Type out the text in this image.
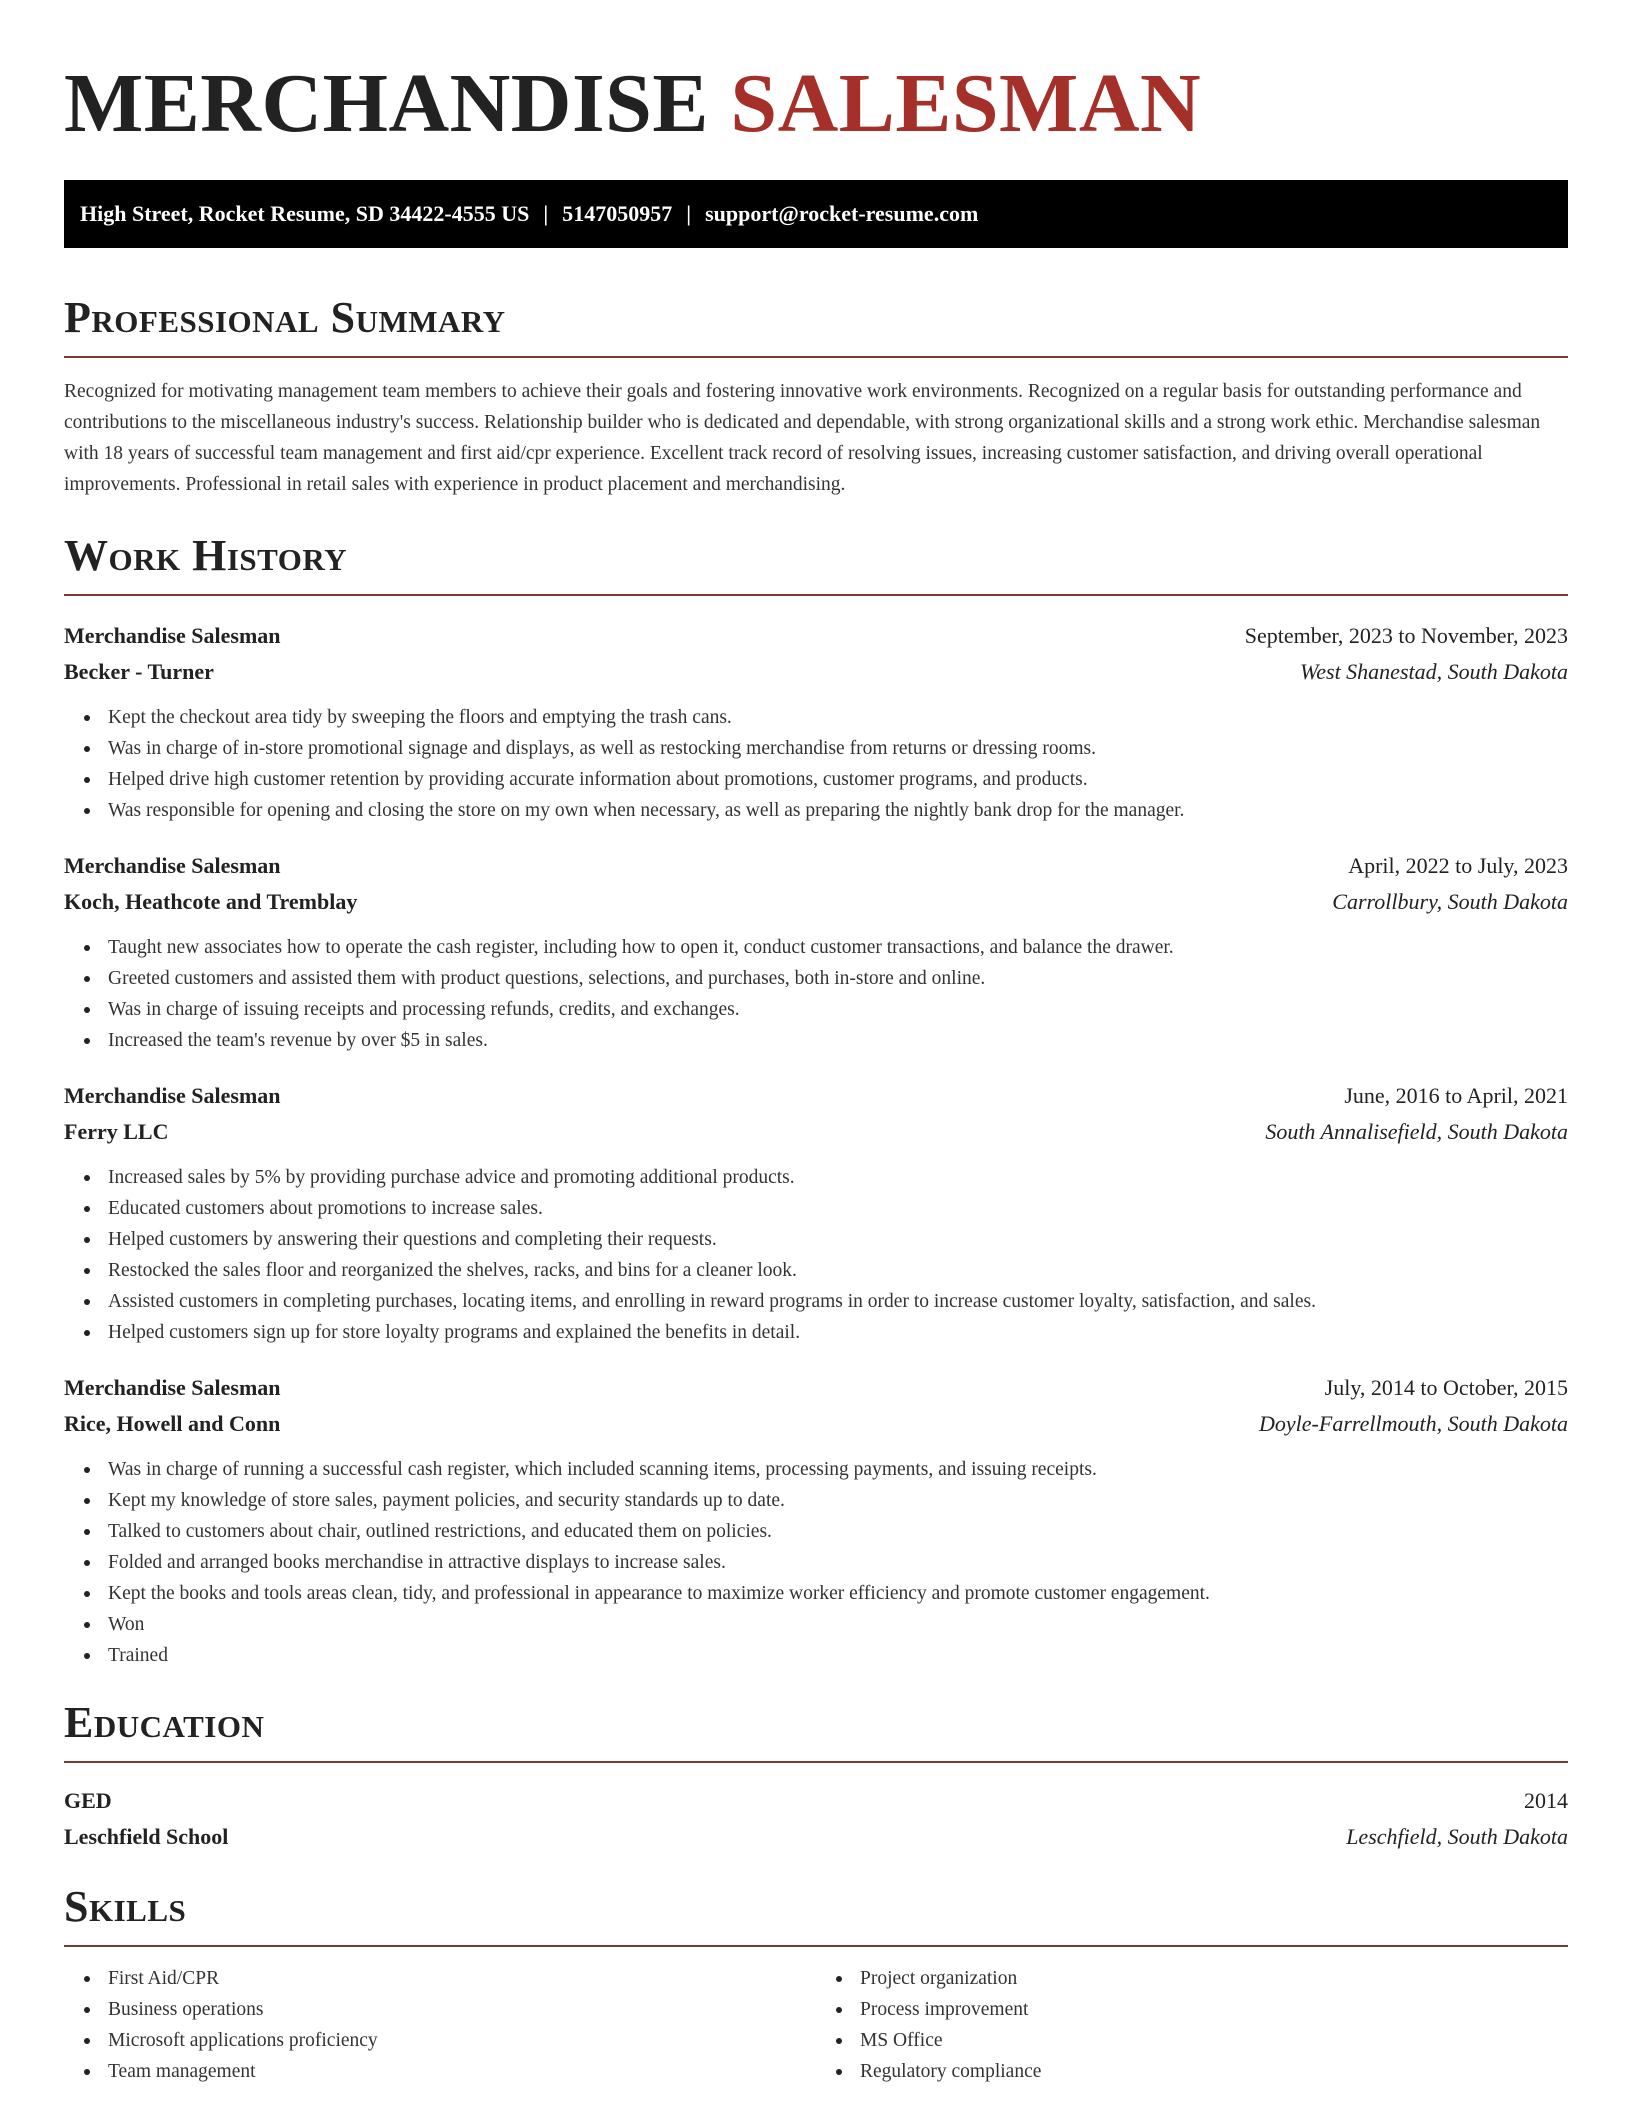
MERCHANDISE SALESMAN
High Street, Rocket Resume, SD 34422-4555 US | 5147050957 | support@rocket-resume.com
Professional Summary

Recognized for motivating management team members to achieve their goals and fostering innovative work environments. Recognized on a regular basis for outstanding performance and contributions to the miscellaneous industry's success. Relationship builder who is dedicated and dependable, with strong organizational skills and a strong work ethic. Merchandise salesman with 18 years of successful team management and first aid/cpr experience. Excellent track record of resolving issues, increasing customer satisfaction, and driving overall operational improvements. Professional in retail sales with experience in product placement and merchandising.

Work History
Merchandise Salesman	September, 2023 to November, 2023
Becker - Turner	West Shanestad, South Dakota
Kept the checkout area tidy by sweeping the floors and emptying the trash cans.
Was in charge of in-store promotional signage and displays, as well as restocking merchandise from returns or dressing rooms.
Helped drive high customer retention by providing accurate information about promotions, customer programs, and products.
Was responsible for opening and closing the store on my own when necessary, as well as preparing the nightly bank drop for the manager.
Merchandise Salesman	April, 2022 to July, 2023
Koch, Heathcote and Tremblay	Carrollbury, South Dakota
Taught new associates how to operate the cash register, including how to open it, conduct customer transactions, and balance the drawer.
Greeted customers and assisted them with product questions, selections, and purchases, both in-store and online.
Was in charge of issuing receipts and processing refunds, credits, and exchanges.
Increased the team's revenue by over $5 in sales.
Merchandise Salesman	June, 2016 to April, 2021
Ferry LLC	South Annalisefield, South Dakota
Increased sales by 5% by providing purchase advice and promoting additional products.
Educated customers about promotions to increase sales.
Helped customers by answering their questions and completing their requests.
Restocked the sales floor and reorganized the shelves, racks, and bins for a cleaner look.
Assisted customers in completing purchases, locating items, and enrolling in reward programs in order to increase customer loyalty, satisfaction, and sales.
Helped customers sign up for store loyalty programs and explained the benefits in detail.
Merchandise Salesman	July, 2014 to October, 2015
Rice, Howell and Conn	Doyle-Farrellmouth, South Dakota
Was in charge of running a successful cash register, which included scanning items, processing payments, and issuing receipts.
Kept my knowledge of store sales, payment policies, and security standards up to date.
Talked to customers about chair, outlined restrictions, and educated them on policies.
Folded and arranged books merchandise in attractive displays to increase sales.
Kept the books and tools areas clean, tidy, and professional in appearance to maximize worker efficiency and promote customer engagement.
Won
Trained
Education
GED	2014
Leschfield School	Leschfield, South Dakota
Skills
First Aid/CPR
Business operations
Microsoft applications proficiency
Team management
Project organization
Process improvement
MS Office
Regulatory compliance
